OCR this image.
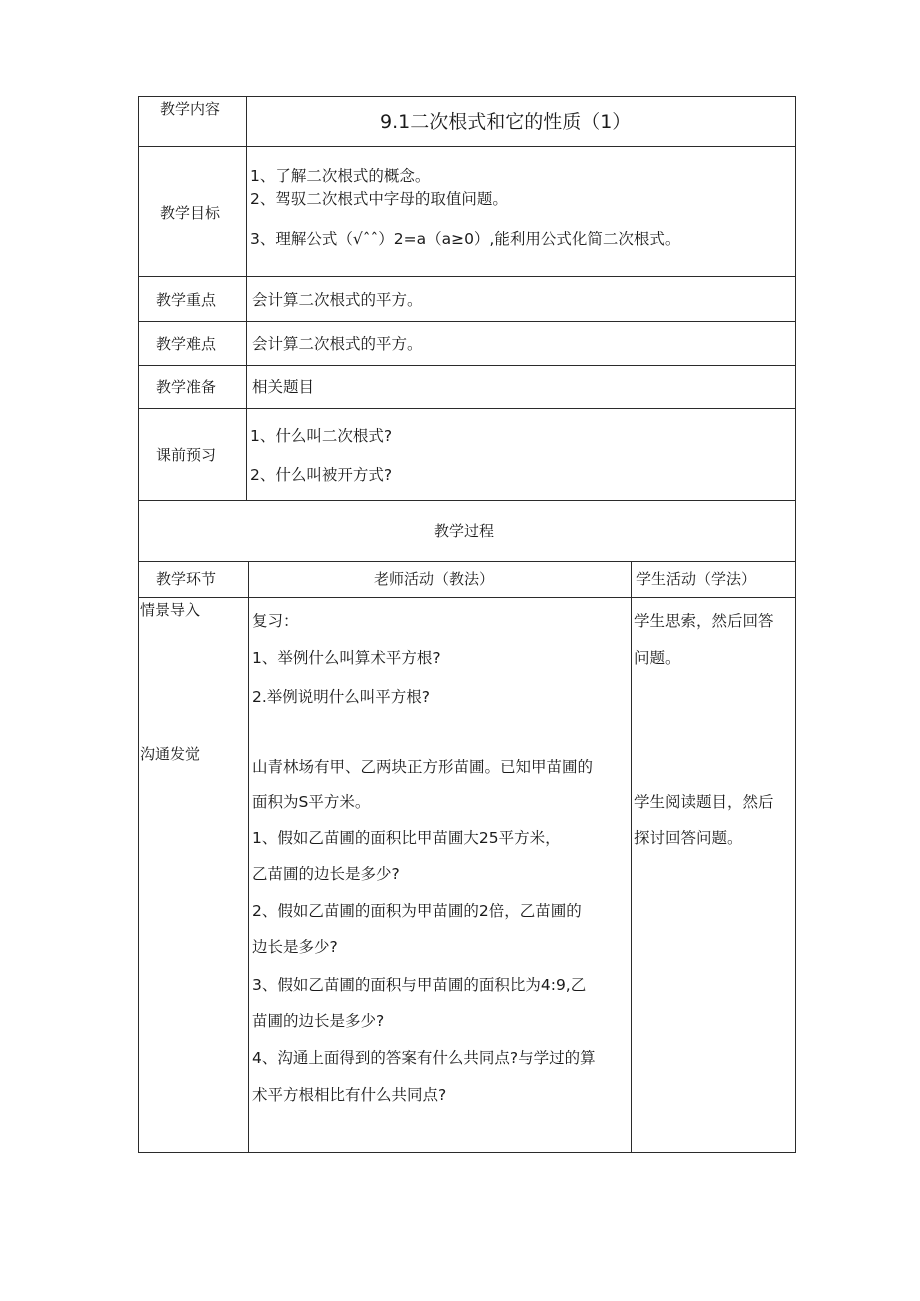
教学内容
9.1二次根式和它的性质（1）
教学目标
1、了解二次根式的概念。
2、驾驭二次根式中字母的取值问题。
3、理解公式（√ˆˆ）2=a（a≥0）,能利用公式化简二次根式。
教学重点 会计算二次根式的平方。
教学难点 会计算二次根式的平方。
教学准备 相关题目
课前预习
1、什么叫二次根式?
2、什么叫被开方式?
教学过程
教学环节	老师活动（教法）	学生活动（学法）
情景导入
沟通发觉
复习：
1、举例什么叫算术平方根?
2.举例说明什么叫平方根?
山青林场有甲、乙两块正方形苗圃。已知甲苗圃的
面积为S平方米。
1、假如乙苗圃的面积比甲苗圃大25平方米，
乙苗圃的边长是多少?
2、假如乙苗圃的面积为甲苗圃的2倍，乙苗圃的
边长是多少?
3、假如乙苗圃的面积与甲苗圃的面积比为4:9,乙
苗圃的边长是多少?
4、沟通上面得到的答案有什么共同点?与学过的算
术平方根相比有什么共同点?
学生思索，然后回答
问题。
学生阅读题目，然后
探讨回答问题。
